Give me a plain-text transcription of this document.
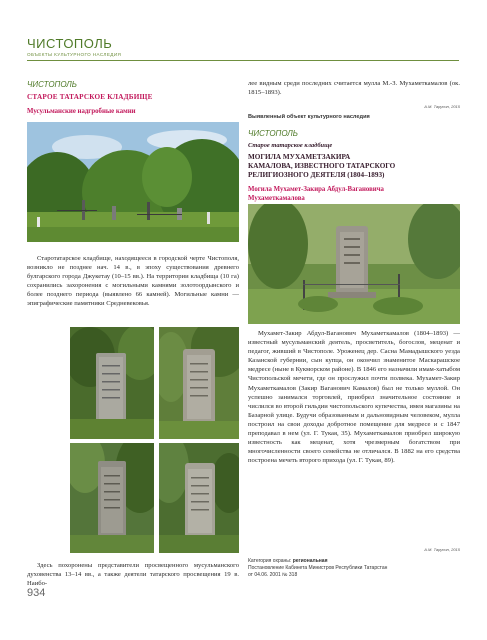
ЧИСТОПОЛЬ
ОБЪЕКТЫ КУЛЬТУРНОГО НАСЛЕДИЯ
ЧИСТОПОЛЬ
СТАРОЕ ТАТАРСКОЕ КЛАДБИЩЕ
Мусульманские надгробные камни
лее видным среди последних считается мулла М.-З. Мухаметкамалов (ок. 1815–1893).
А.М. Тарунин, 2015
Выявленный объект культурного наследия
ЧИСТОПОЛЬ
Старое татарское кладбище
МОГИЛА МУХАМЕТЗАКИРА
КАМАЛОВА, ИЗВЕСТНОГО ТАТАРСКОГО
РЕЛИГИОЗНОГО ДЕЯТЕЛЯ (1804–1893)
Могила Мухамет-Закира Абдул-Вагановича
Мухаметкамалова
Старотатарское кладбище, находящееся в городской черте Чистополя, возникло не позднее нач. 14 в., в эпоху существования древнего булгарского города Джукетау (10–15 вв.). На территории кладбища (10 га) сохранились захоронения с могильными камнями золотоордынского и более позднего периода (выявлено 66 камней). Могильные камни — эпиграфические памятники Средневековья.
Мухамет-Закир Абдул-Ваганович Мухаметкамалов (1804–1893) — известный мусульманский деятель, просветитель, богослов, меценат и педагог, живший в Чистополе. Уроженец дер. Сасна Мамадышского уезда Казанской губернии, сын купца, он окончил знаменитое Маскарашское медресе (ныне в Кукморском районе). В 1846 его назначили имам-хатыбом Чистопольской мечети, где он прослужил почти полвека. Мухамет-Закир Мухаметкамалов (Закир Ваганович Камалов) был не только муллой. Он успешно занимался торговлей, приобрел значительное состояние и числился во второй гильдии чистопольского купечества, имея магазины на Базарной улице. Будучи образованным и дальновидным человеком, мулла построил на свои доходы добротное помещение для медресе и с 1847 преподавал в нем (ул. Г. Тукая, 35). Мухаметкамалов приобрел широкую известность как меценат, хотя чрезмерным богатством при многочисленности своего семейства не отличался. В 1882 на его средства построена мечеть второго прихода (ул. Г. Тукая, 89).
А.М. Тарунин, 2015
Категория охраны: региональная
Постановление Кабинета Министров Республики Татарстан
от 04.06. 2001 № 318
Здесь похоронены представители просвещенного мусульманского духовенства 13–14 вв., а также деятели татарского просвещения 19 в. Наибо-
934
